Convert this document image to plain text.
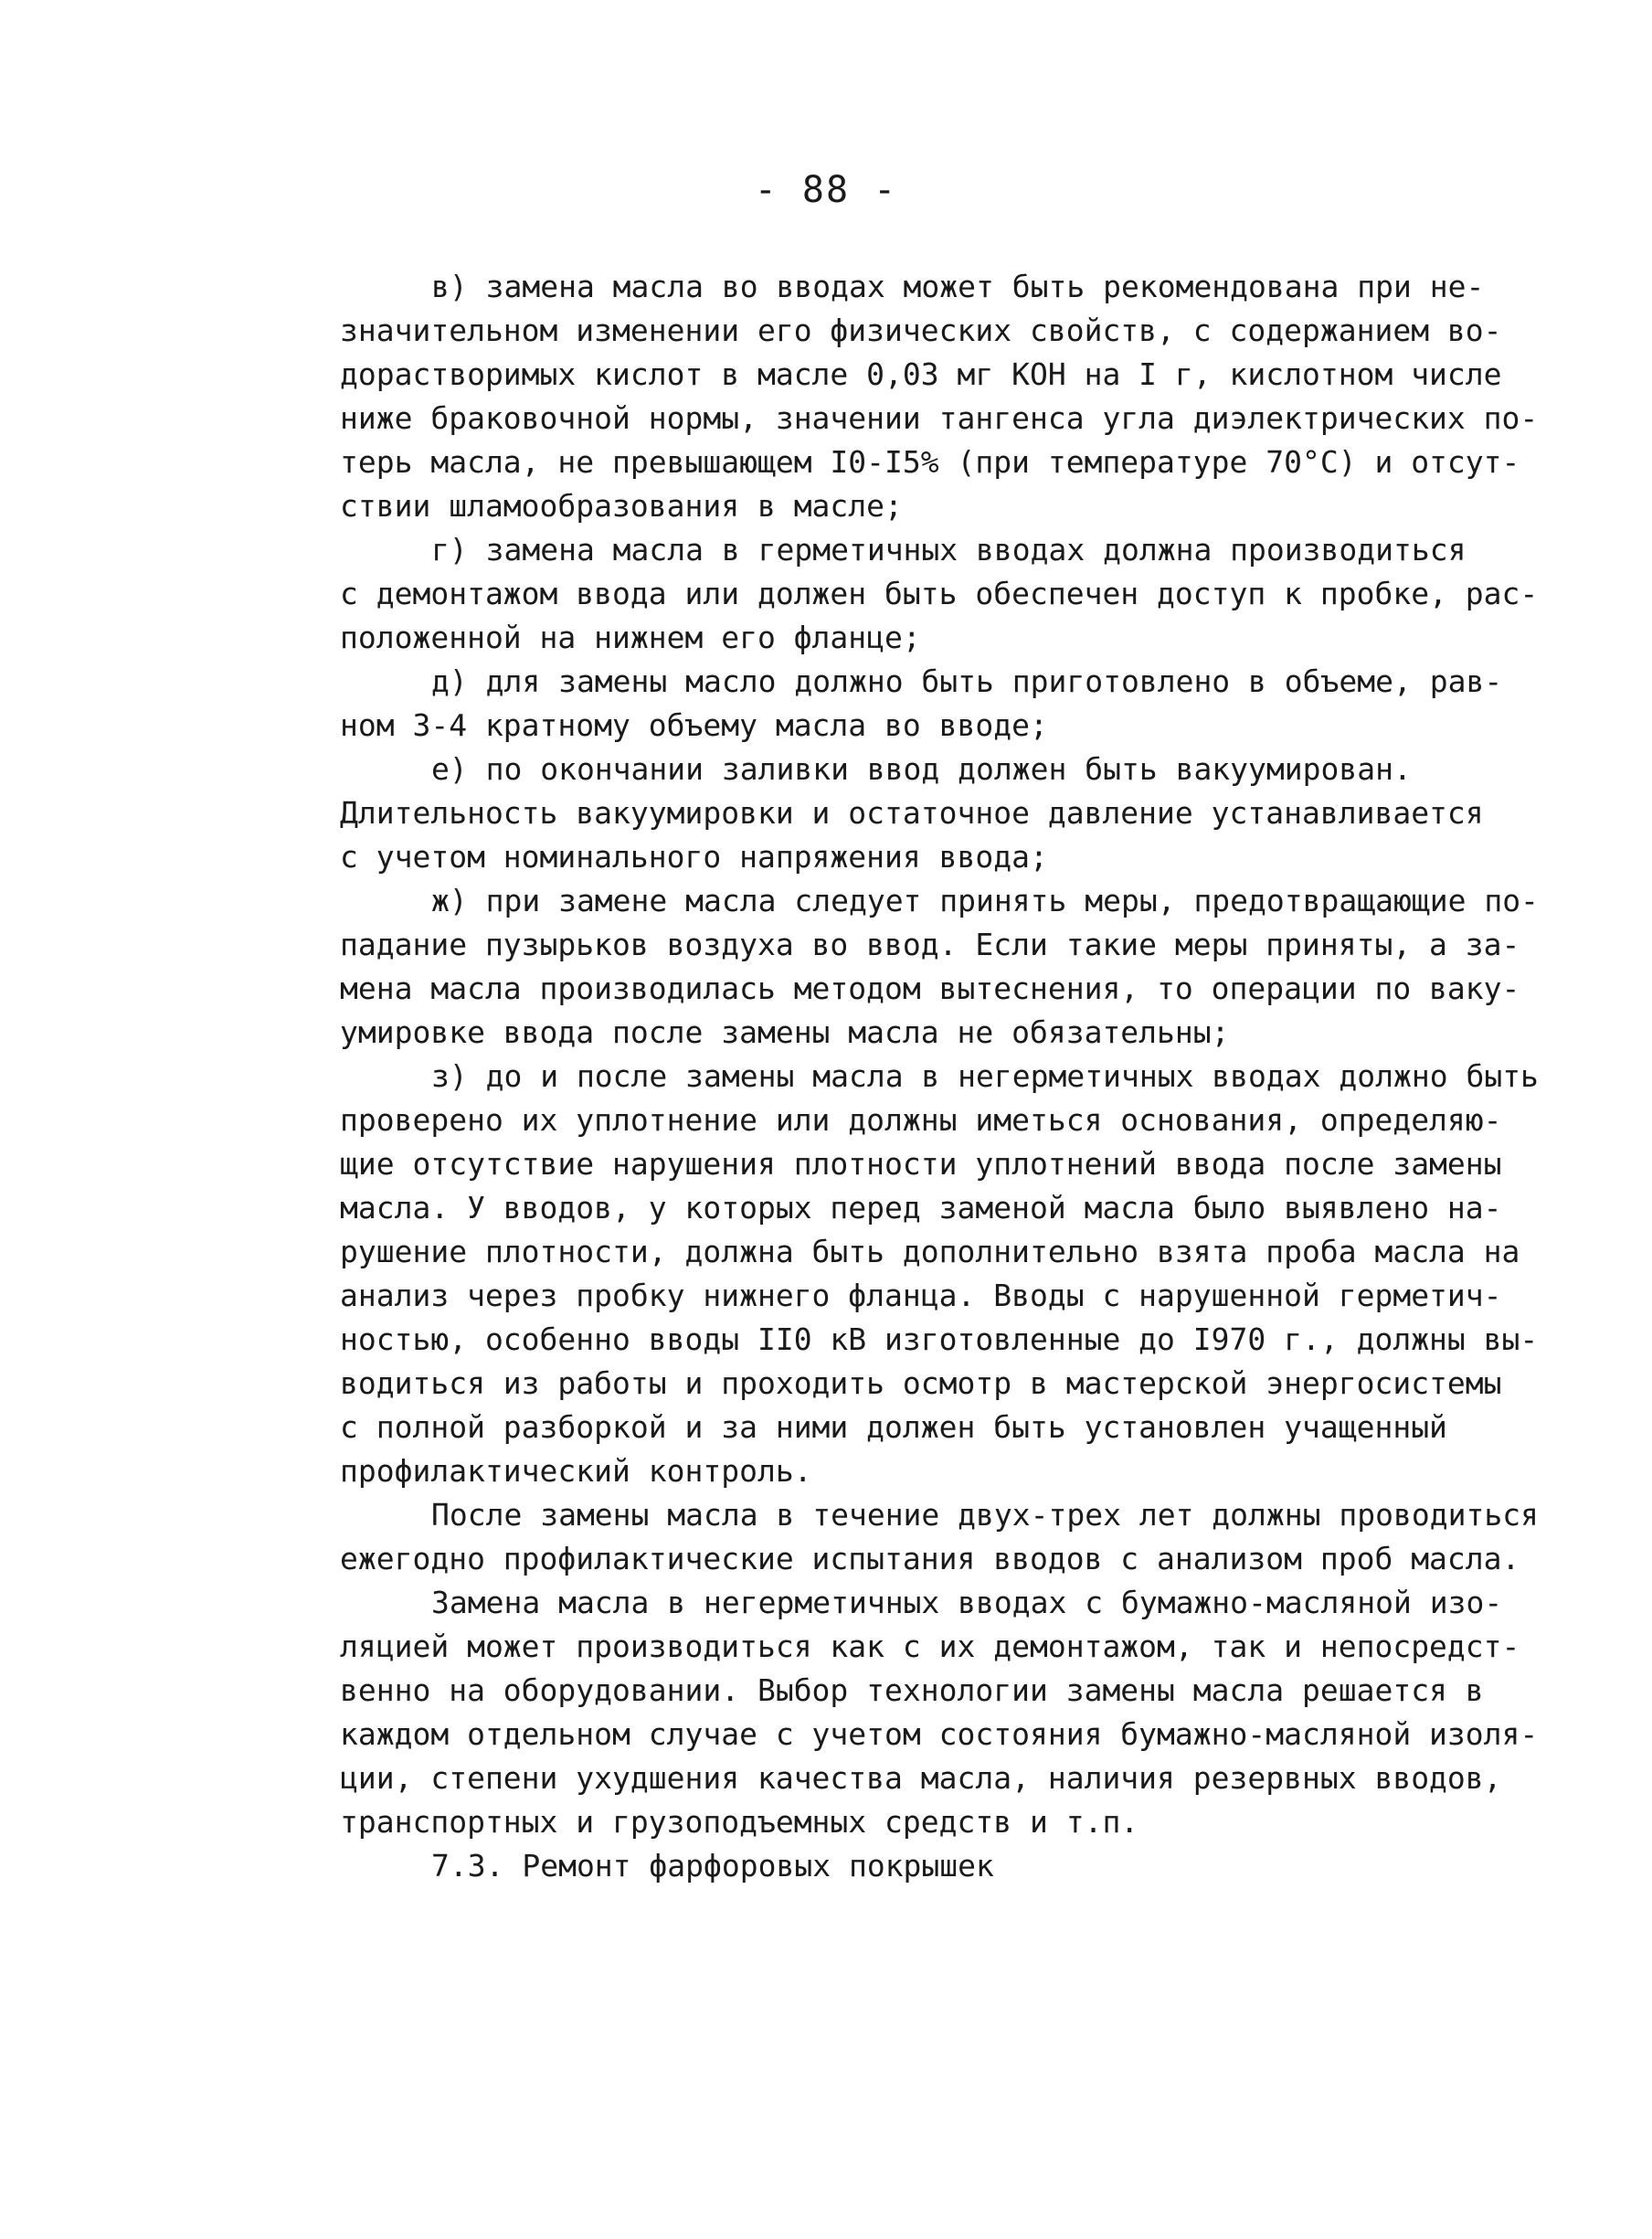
- 88 -
в) замена масла во вводах может быть рекомендована при не-
значительном изменении его физических свойств, с содержанием во-
дорастворимых кислот в масле 0,03 мг КОН на I г, кислотном числе
ниже браковочной нормы, значении тангенса угла диэлектрических по-
терь масла, не превышающем I0-I5% (при температуре 70°С) и отсут-
ствии шламообразования в масле;
г) замена масла в герметичных вводах должна производиться
с демонтажом ввода или должен быть обеспечен доступ к пробке, рас-
положенной на нижнем его фланце;
д) для замены масло должно быть приготовлено в объеме, рав-
ном 3-4 кратному объему масла во вводе;
е) по окончании заливки ввод должен быть вакуумирован.
Длительность вакуумировки и остаточное давление устанавливается
с учетом номинального напряжения ввода;
ж) при замене масла следует принять меры, предотвращающие по-
падание пузырьков воздуха во ввод. Если такие меры приняты, а за-
мена масла производилась методом вытеснения, то операции по ваку-
умировке ввода после замены масла не обязательны;
з) до и после замены масла в негерметичных вводах должно быть
проверено их уплотнение или должны иметься основания, определяю-
щие отсутствие нарушения плотности уплотнений ввода после замены
масла. У вводов, у которых перед заменой масла было выявлено на-
рушение плотности, должна быть дополнительно взята проба масла на
анализ через пробку нижнего фланца. Вводы с нарушенной герметич-
ностью, особенно вводы II0 кВ изготовленные до I970 г., должны вы-
водиться из работы и проходить осмотр в мастерской энергосистемы
с полной разборкой и за ними должен быть установлен учащенный
профилактический контроль.
После замены масла в течение двух-трех лет должны проводиться
ежегодно профилактические испытания вводов с анализом проб масла.
Замена масла в негерметичных вводах с бумажно-масляной изо-
ляцией может производиться как с их демонтажом, так и непосредст-
венно на оборудовании. Выбор технологии замены масла решается в
каждом отдельном случае с учетом состояния бумажно-масляной изоля-
ции, степени ухудшения качества масла, наличия резервных вводов,
транспортных и грузоподъемных средств и т.п.
7.3. Ремонт фарфоровых покрышек
